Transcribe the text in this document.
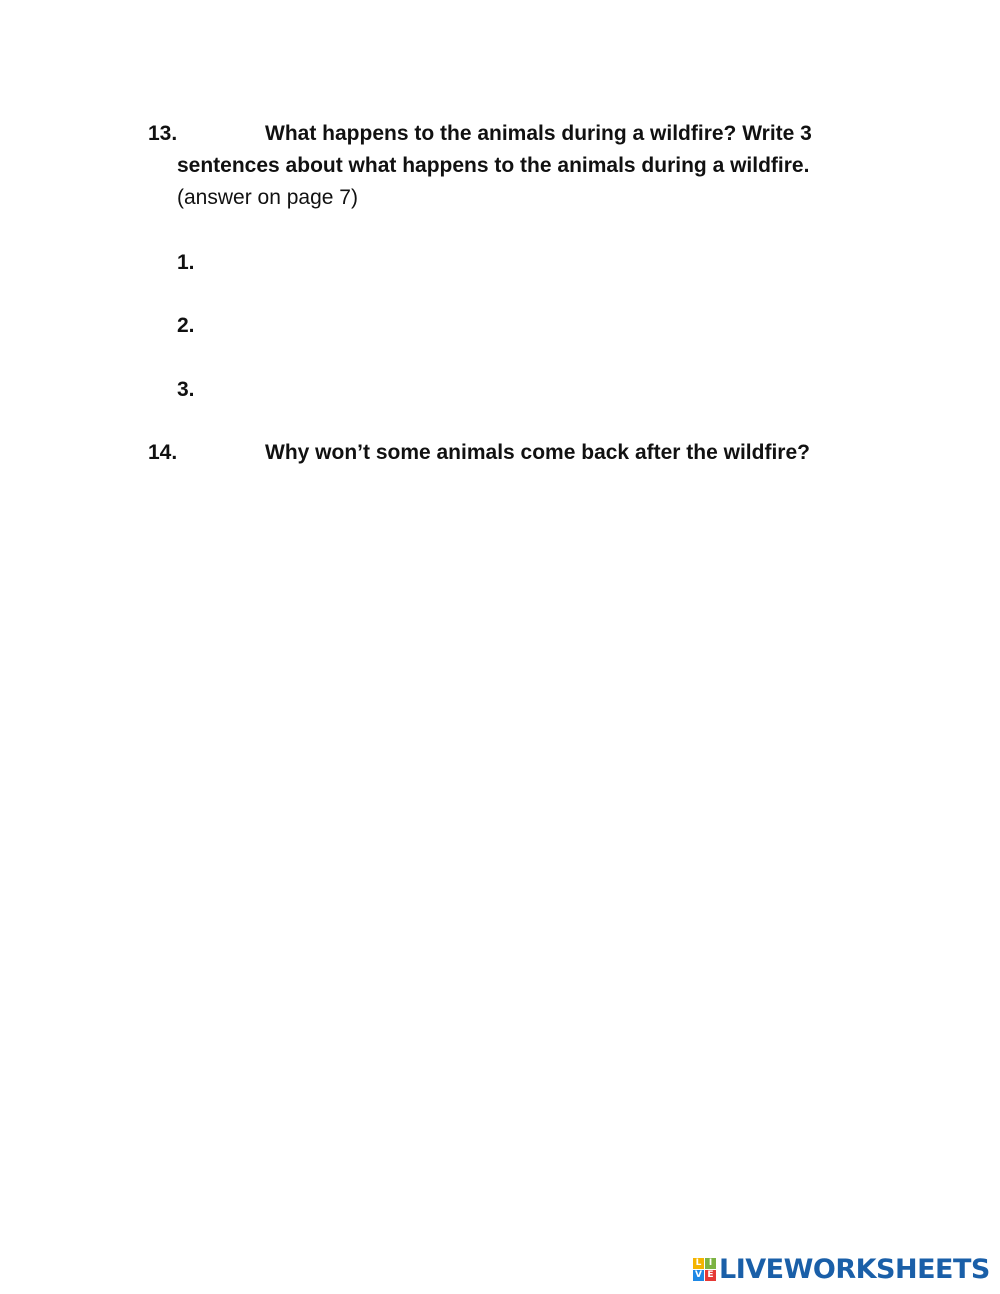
13.	What happens to the animals during a wildfire? Write 3 sentences about what happens to the animals during a wildfire.

(answer on page 7)
1.
2.
3.
14.	Why won’t some animals come back after the wildfire?

L I
V E LIVEWORKSHEETS
